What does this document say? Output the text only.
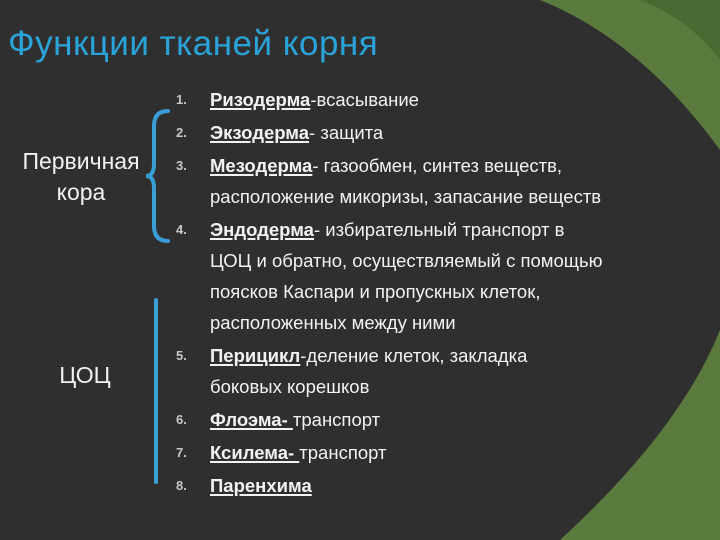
Функции тканей корня
Первичная
кора
ЦОЦ
1. Ризодерма-всасывание
2. Экзодерма- защита
3. Мезодерма- газообмен, синтез веществ,
расположение микоризы, запасание веществ
4. Эндодерма- избирательный транспорт в
ЦОЦ и обратно, осуществляемый с помощью
поясков Каспари и пропускных клеток,
расположенных между ними
5. Перицикл-деление клеток, закладка
боковых корешков
6. Флоэма- транспорт
7. Ксилема- транспорт
8. Паренхима
